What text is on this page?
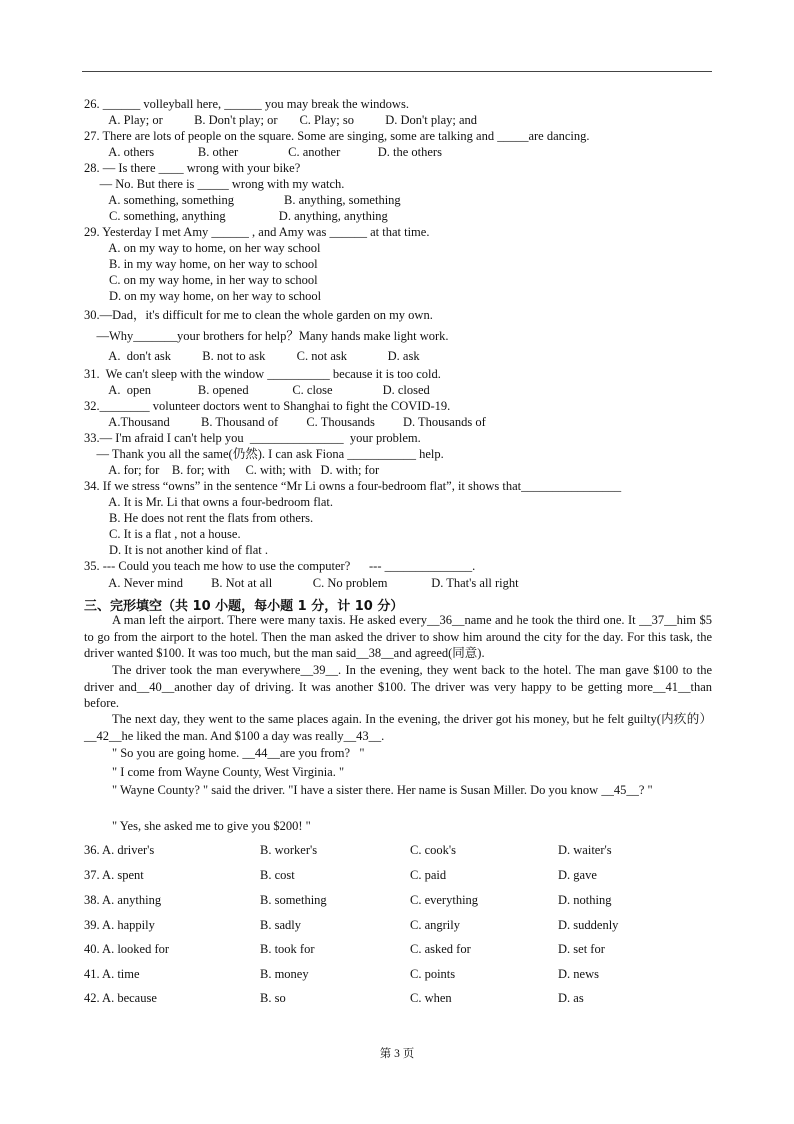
26. ______ volleyball here, ______ you may break the windows.
A. Play; or          B. Don't play; or       C. Play; so          D. Don't play; and
27. There are lots of people on the square. Some are singing, some are talking and _____are dancing.
A. others              B. other                C. another            D. the others
28. — Is there ____ wrong with your bike?
— No. But there is _____ wrong with my watch.
A. something, something                B. anything, something
C. something, anything                 D. anything, anything
29. Yesterday I met Amy ______ , and Amy was ______ at that time.
A. on my way to home, on her way school
B. in my way home, on her way to school
C. on my way home, in her way to school
D. on my way home, on her way to school
30.—Dad，it's difficult for me to clean the whole garden on my own.
—Why_______your brothers for help？Many hands make light work.
A.  don't ask          B. not to ask          C. not ask             D. ask
31.  We can't sleep with the window __________ because it is too cold.
A.  open               B. opened              C. close                D. closed
32.________ volunteer doctors went to Shanghai to fight the COVID-19.
A.Thousand          B. Thousand of         C. Thousands         D. Thousands of
33.— I'm afraid I can't help you  _______________  your problem.
— Thank you all the same(仍然). I can ask Fiona ___________ help.
A. for; for    B. for; with     C. with; with   D. with; for
34. If we stress “owns” in the sentence “Mr Li owns a four-bedroom flat”, it shows that________________
A. It is Mr. Li that owns a four-bedroom flat.
B. He does not rent the flats from others.
C. It is a flat , not a house.
D. It is not another kind of flat .
35. --- Could you teach me how to use the computer?      --- ______________.
A. Never mind         B. Not at all             C. No problem              D. That's all right
三、完形填空（共 10 小题，每小题 1 分，计 10 分）
A man left the airport. There were many taxis. He asked every__36__name and he took the third one. It __37__him $5 to go from the airport to the hotel. Then the man asked the driver to show him around the city for the day. For this task, the driver wanted $100. It was too much, but the man said__38__and agreed(同意).
The driver took the man everywhere__39__. In the evening, they went back to the hotel. The man gave $100 to the driver and__40__another day of driving. It was another $100. The driver was very happy to be getting more__41__than before.
The next day, they went to the same places again. In the evening, the driver got his money, but he felt guilty(内疚的） __42__he liked the man. And $100 a day was really__43__.
" So you are going home. __44__are you from?   "
" I come from Wayne County, West Virginia. "
" Wayne County? " said the driver. "I have a sister there. Her name is Susan Miller. Do you know __45__? "
" Yes, she asked me to give you $200! "
36. A. driver's	B. worker's	C. cook's	D. waiter's
37. A. spent	B. cost	C. paid	D. gave
38. A. anything	B. something	C. everything	D. nothing
39. A. happily	B. sadly	C. angrily	D. suddenly
40. A. looked for	B. took for	C. asked for	D. set for
41. A. time	B. money	C. points	D. news
42. A. because	B. so	C. when	D. as
第 3 页
